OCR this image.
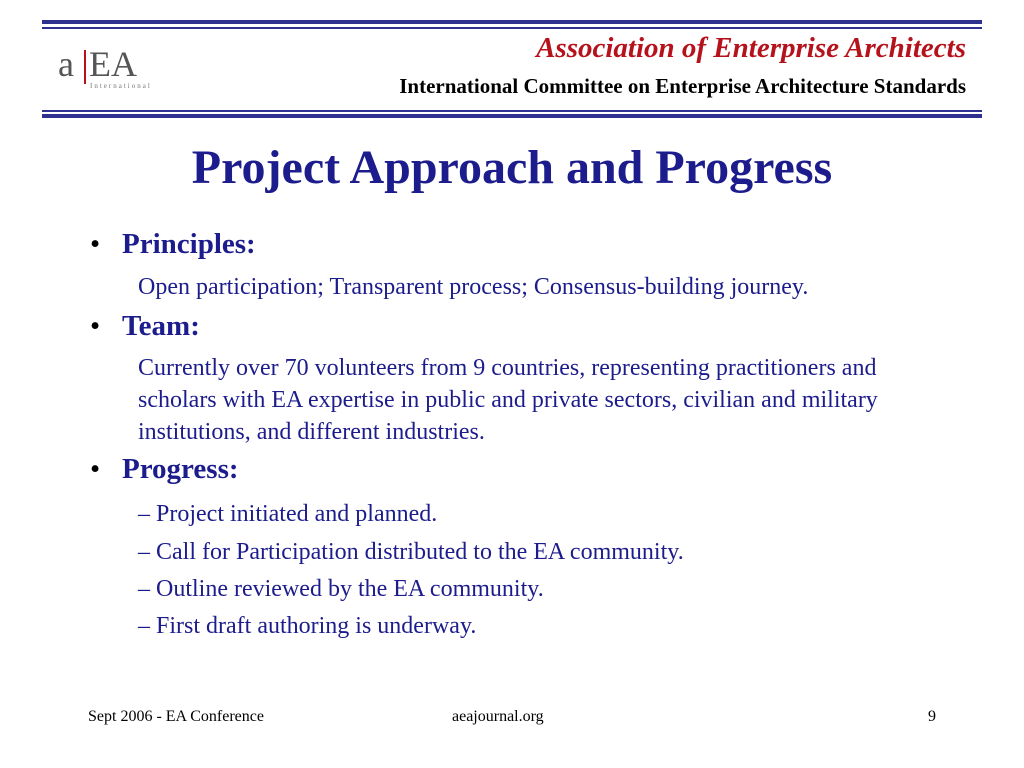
a EA
International
Association of Enterprise Architects
International Committee on Enterprise Architecture Standards
Project Approach and Progress
• Principles:
Open participation; Transparent process; Consensus-building journey.
• Team:
Currently over 70 volunteers from 9 countries, representing practitioners and scholars with EA expertise in public and private sectors, civilian and military institutions, and different industries.
• Progress:
– Project initiated and planned.
– Call for Participation distributed to the EA community.
– Outline reviewed by the EA community.
– First draft authoring is underway.
Sept 2006 - EA Conference	aeajournal.org	9
